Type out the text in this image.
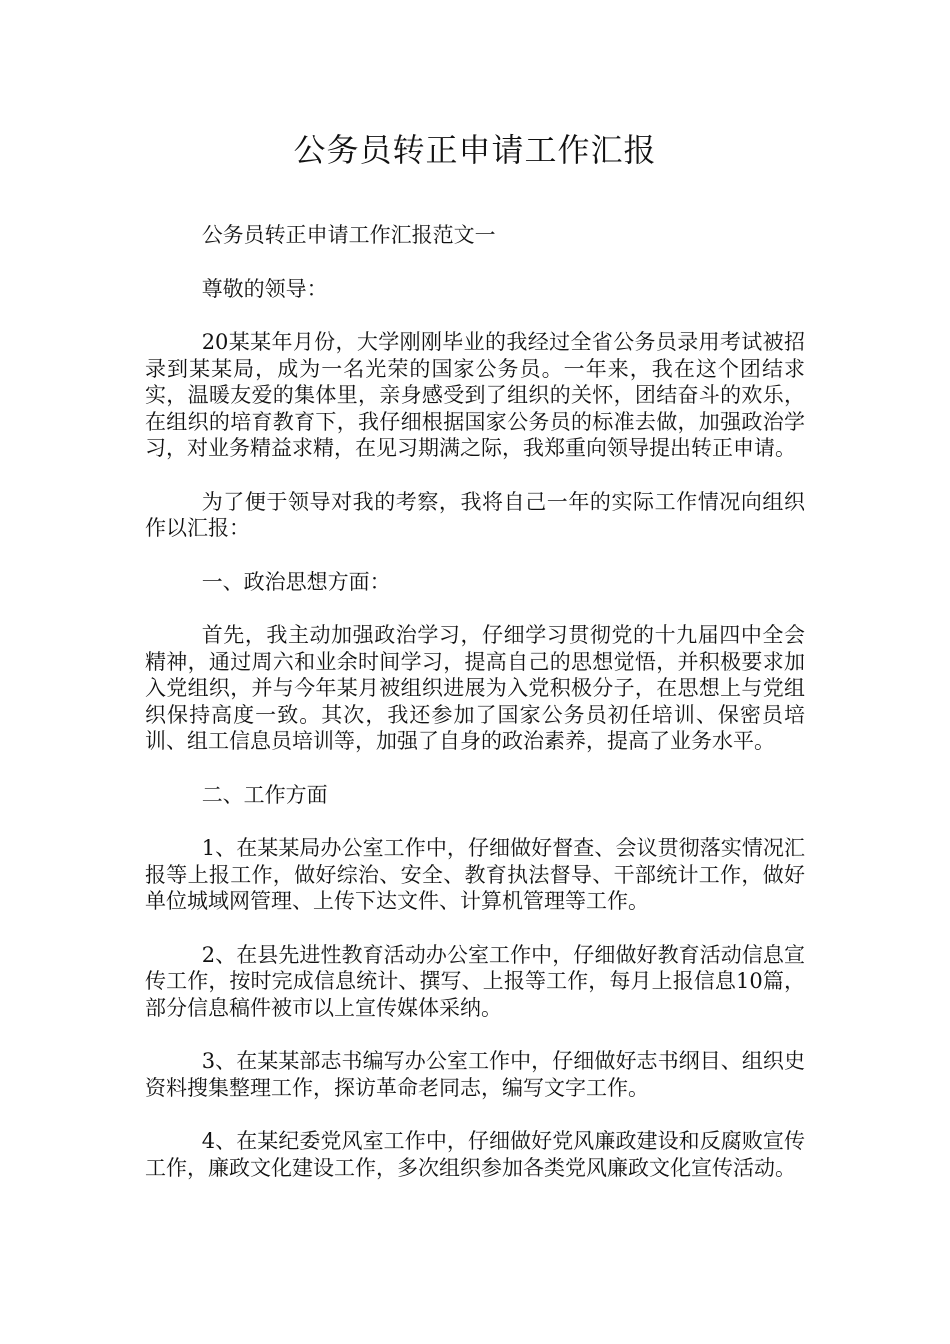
公务员转正申请工作汇报

公务员转正申请工作汇报范文一

尊敬的领导：

20某某年月份，大学刚刚毕业的我经过全省公务员录用考试被招录到某某局，成为一名光荣的国家公务员。一年来，我在这个团结求实，温暖友爱的集体里，亲身感受到了组织的关怀，团结奋斗的欢乐，在组织的培育教育下，我仔细根据国家公务员的标准去做，加强政治学习，对业务精益求精，在见习期满之际，我郑重向领导提出转正申请。

为了便于领导对我的考察，我将自己一年的实际工作情况向组织作以汇报：

一、政治思想方面：

首先，我主动加强政治学习，仔细学习贯彻党的十九届四中全会精神，通过周六和业余时间学习，提高自己的思想觉悟，并积极要求加入党组织，并与今年某月被组织进展为入党积极分子，在思想上与党组织保持高度一致。其次，我还参加了国家公务员初任培训、保密员培训、组工信息员培训等，加强了自身的政治素养，提高了业务水平。

二、工作方面

1、在某某局办公室工作中，仔细做好督查、会议贯彻落实情况汇报等上报工作，做好综治、安全、教育执法督导、干部统计工作，做好单位城域网管理、上传下达文件、计算机管理等工作。

2、在县先进性教育活动办公室工作中，仔细做好教育活动信息宣传工作，按时完成信息统计、撰写、上报等工作，每月上报信息10篇，部分信息稿件被市以上宣传媒体采纳。

3、在某某部志书编写办公室工作中，仔细做好志书纲目、组织史资料搜集整理工作，探访革命老同志，编写文字工作。

4、在某纪委党风室工作中，仔细做好党风廉政建设和反腐败宣传工作，廉政文化建设工作，多次组织参加各类党风廉政文化宣传活动。
